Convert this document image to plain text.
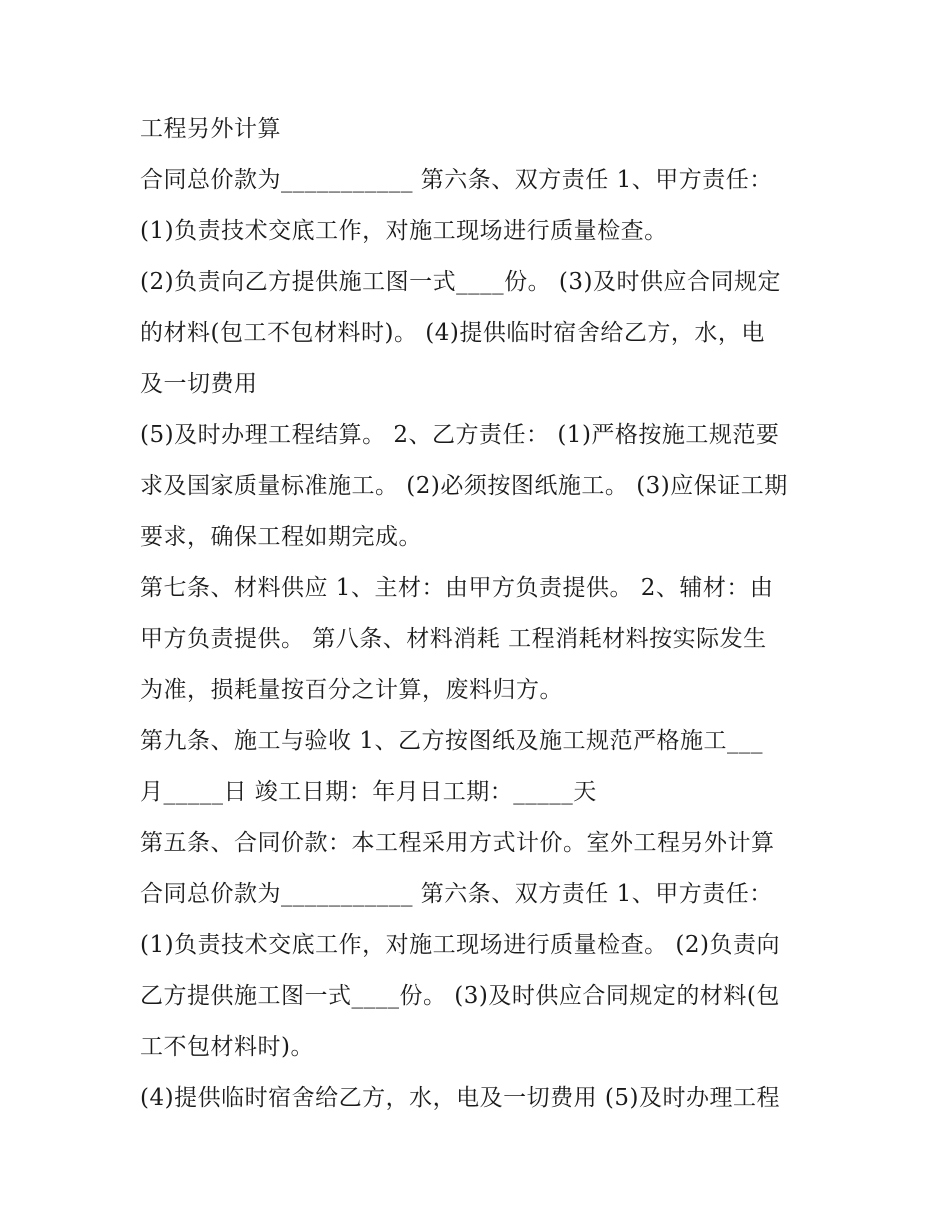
工程另外计算
合同总价款为___________ 第六条、双方责任 1、甲方责任：
(1)负责技术交底工作，对施工现场进行质量检查。
(2)负责向乙方提供施工图一式____份。 (3)及时供应合同规定
的材料(包工不包材料时)。 (4)提供临时宿舍给乙方，水，电
及一切费用
(5)及时办理工程结算。 2、乙方责任： (1)严格按施工规范要
求及国家质量标准施工。 (2)必须按图纸施工。 (3)应保证工期
要求，确保工程如期完成。
第七条、材料供应 1、主材：由甲方负责提供。 2、辅材：由
甲方负责提供。 第八条、材料消耗 工程消耗材料按实际发生
为准，损耗量按百分之计算，废料归方。
第九条、施工与验收 1、乙方按图纸及施工规范严格施工___
月_____日 竣工日期：年月日工期：_____天
第五条、合同价款：本工程采用方式计价。室外工程另外计算
合同总价款为___________ 第六条、双方责任 1、甲方责任：
(1)负责技术交底工作，对施工现场进行质量检查。 (2)负责向
乙方提供施工图一式____份。 (3)及时供应合同规定的材料(包
工不包材料时)。
(4)提供临时宿舍给乙方，水，电及一切费用 (5)及时办理工程
